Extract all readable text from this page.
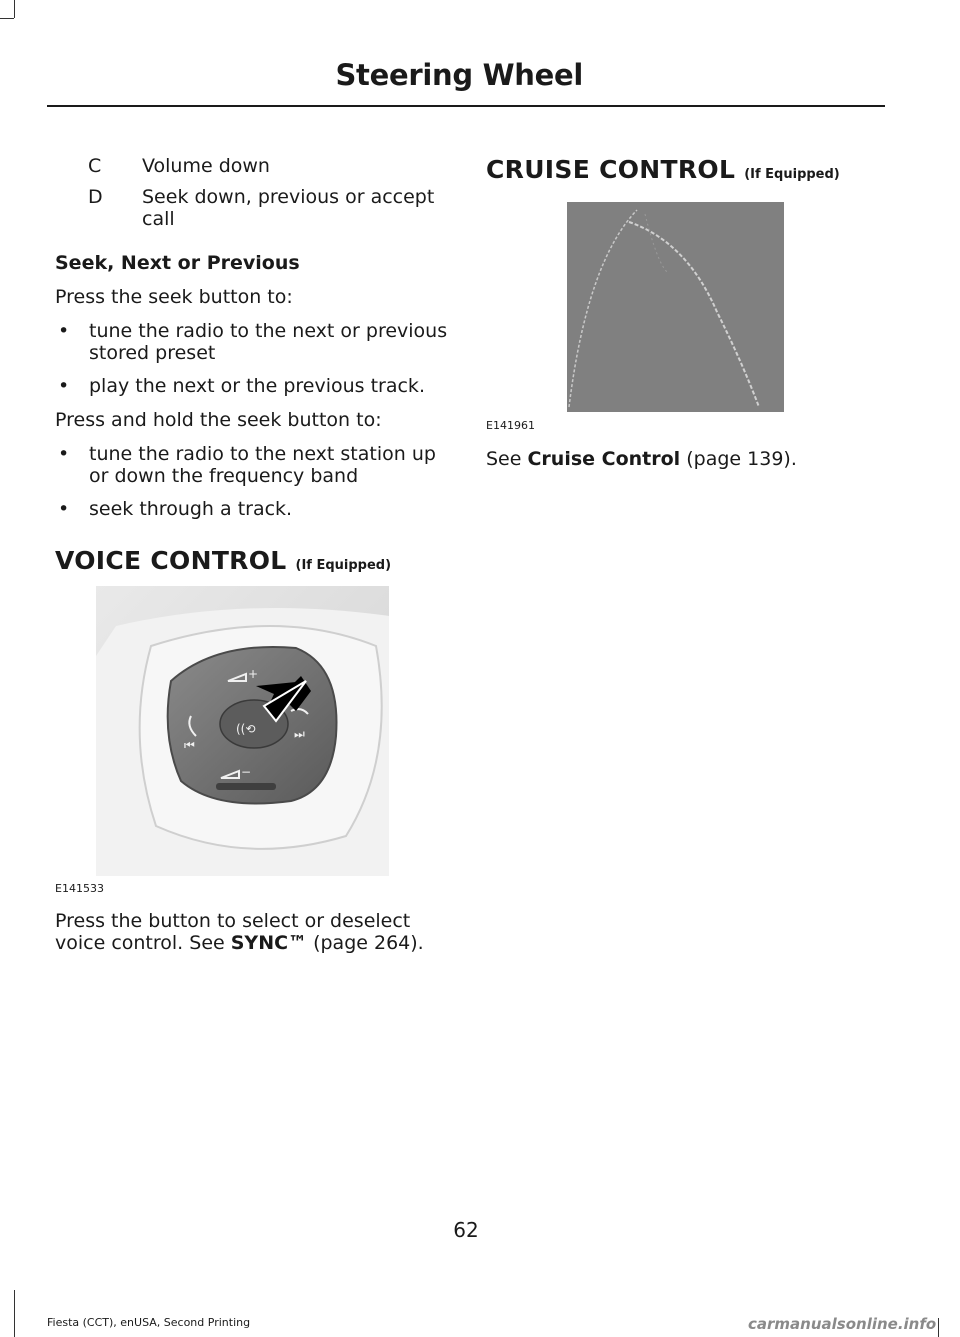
Steering Wheel
C	Volume down
D	Seek down, previous or accept call
Seek, Next or Previous

Press the seek button to:

• tune the radio to the next or previous stored preset
• play the next or the previous track.

Press and hold the seek button to:

• tune the radio to the next station up or down the frequency band
• seek through a track.
VOICE CONTROL (If Equipped)
+
−
⏮
⏭
((⟲
E141533

Press the button to select or deselect voice control. See SYNC™ (page 264).

CRUISE CONTROL (If Equipped)
E141961

See Cruise Control (page 139).

62
Fiesta (CCT), enUSA, Second Printing	carmanualsonline.info
